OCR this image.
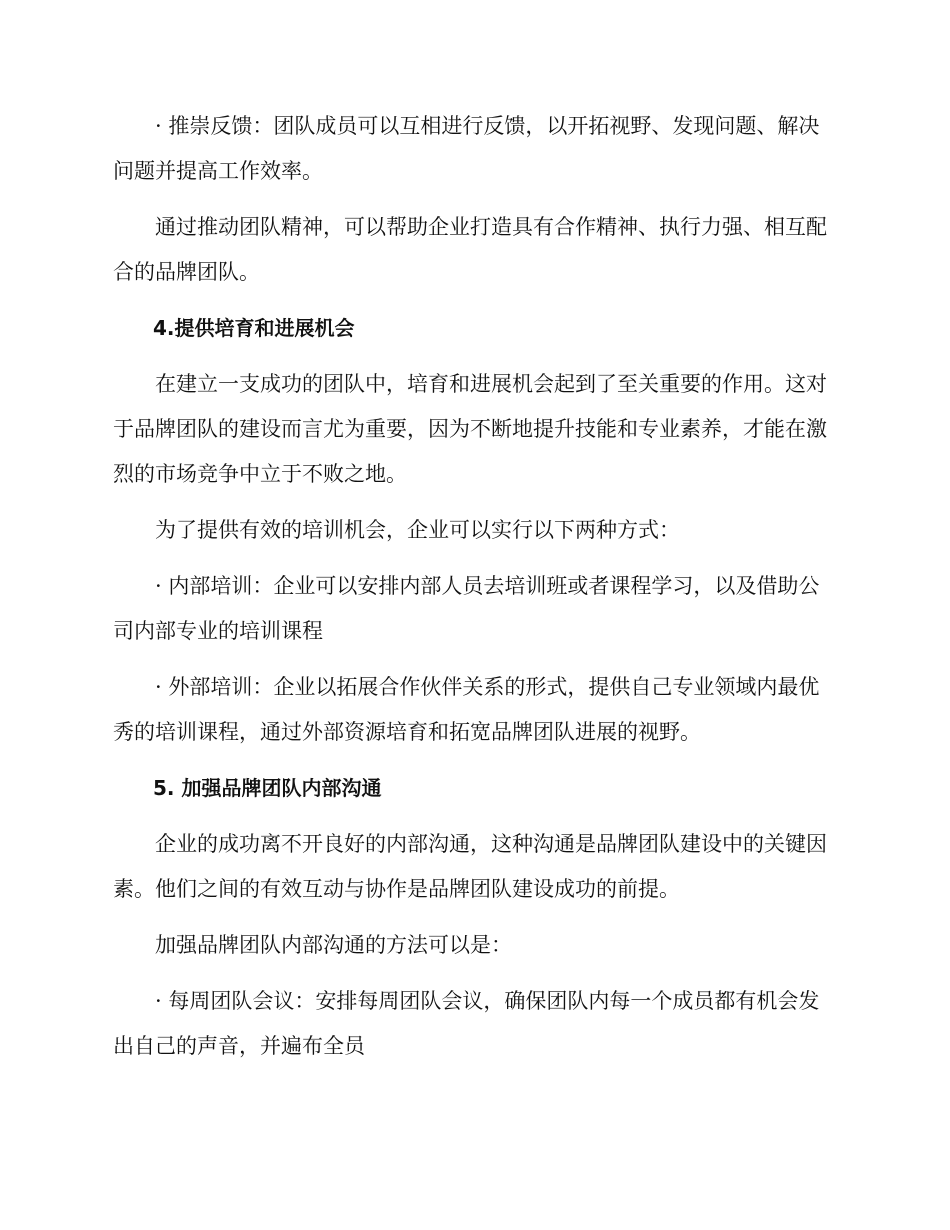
· 推崇反馈：团队成员可以互相进行反馈，以开拓视野、发现问题、解决问题并提高工作效率。

通过推动团队精神，可以帮助企业打造具有合作精神、执行力强、相互配合的品牌团队。

4.提供培育和进展机会

在建立一支成功的团队中，培育和进展机会起到了至关重要的作用。这对于品牌团队的建设而言尤为重要，因为不断地提升技能和专业素养，才能在激烈的市场竞争中立于不败之地。

为了提供有效的培训机会，企业可以实行以下两种方式：

· 内部培训：企业可以安排内部人员去培训班或者课程学习，以及借助公司内部专业的培训课程

· 外部培训：企业以拓展合作伙伴关系的形式，提供自己专业领域内最优秀的培训课程，通过外部资源培育和拓宽品牌团队进展的视野。

5. 加强品牌团队内部沟通

企业的成功离不开良好的内部沟通，这种沟通是品牌团队建设中的关键因素。他们之间的有效互动与协作是品牌团队建设成功的前提。

加强品牌团队内部沟通的方法可以是：

· 每周团队会议：安排每周团队会议，确保团队内每一个成员都有机会发出自己的声音，并遍布全员
